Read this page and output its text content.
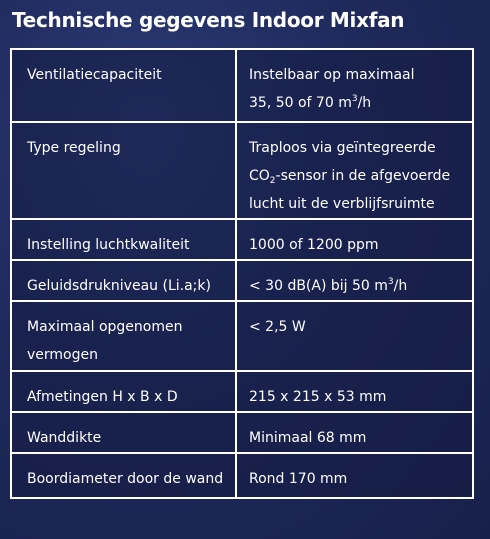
Technische gegevens Indoor Mixfan
Ventilatiecapaciteit	Instelbaar op maximaal
35, 50 of 70 $m^3/h$

Type regeling	Traploos via geïntegreerde
$CO_2$-sensor in de afgevoerde
lucht uit de verblijfsruimte

Instelling luchtkwaliteit	1000 of 1200 ppm
Geluidsdrukniveau (Li.a;k)	< 30 dB(A) bij 50 $m^3/h$

Maximaal opgenomen
vermogen	< 2,5 W
Afmetingen H x B x D	215 x 215 x 53 mm
Wanddikte	Minimaal 68 mm
Boordiameter door de wand	Rond 170 mm
